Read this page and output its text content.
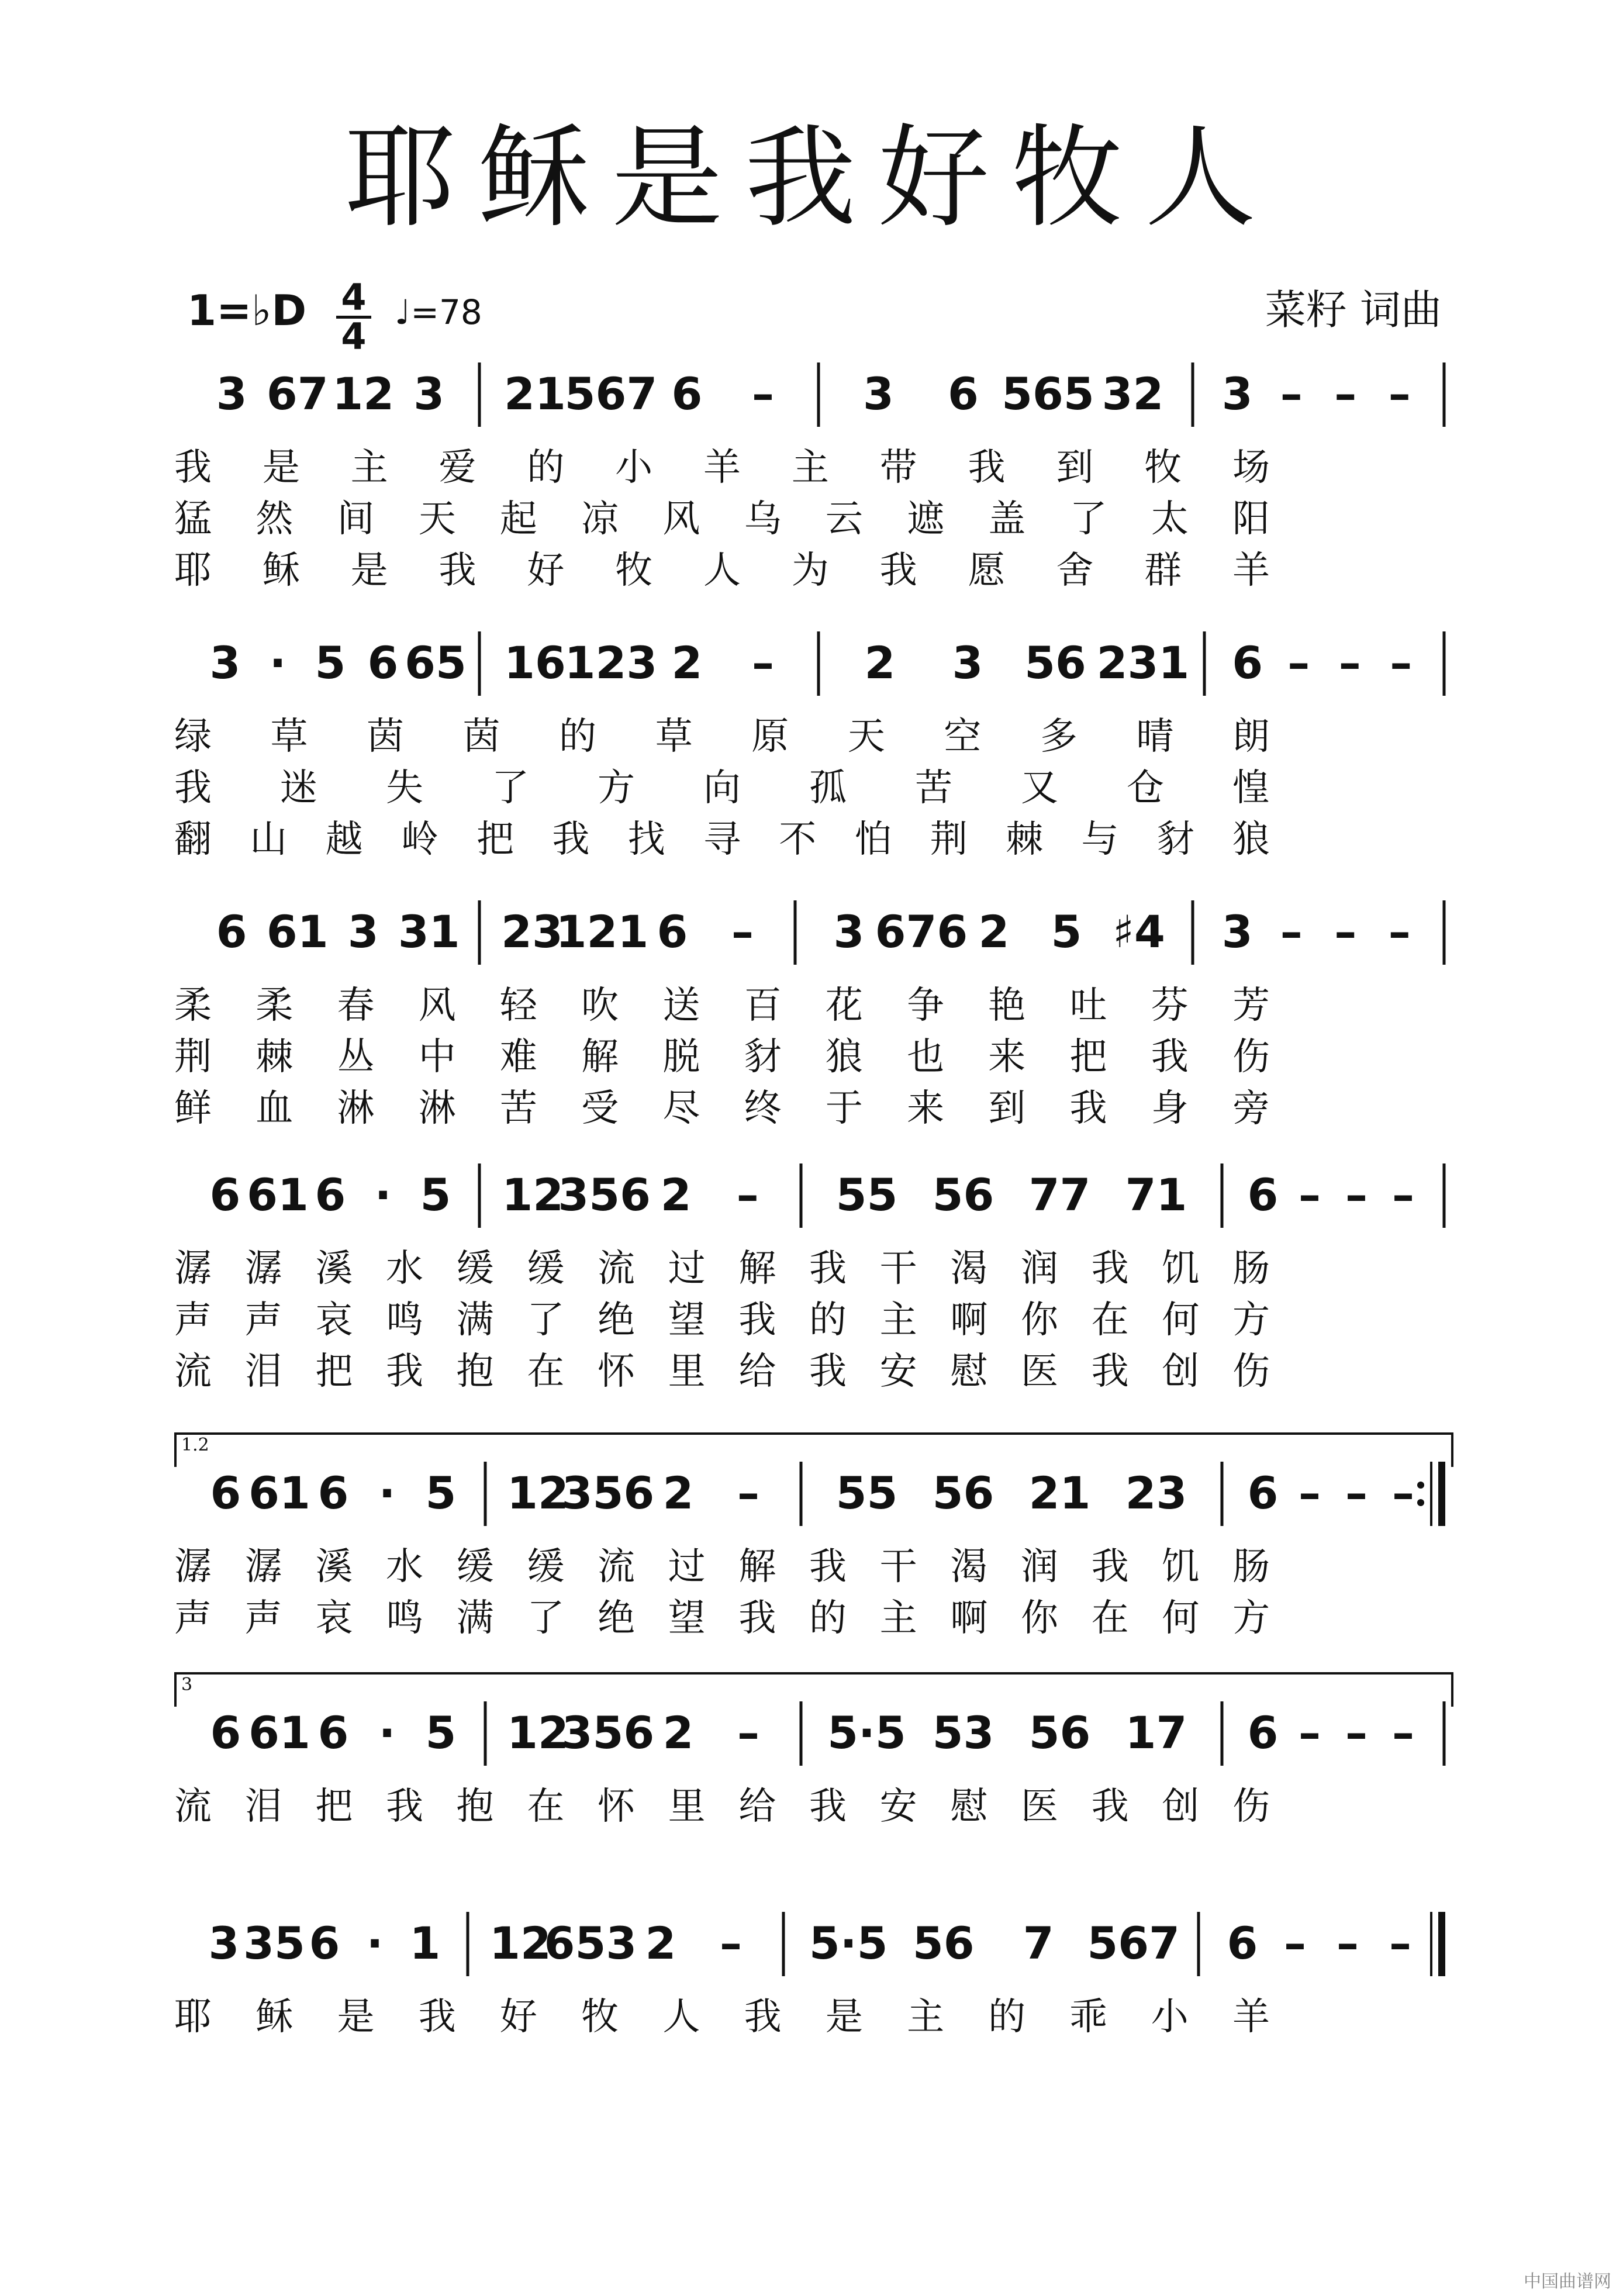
耶稣是我好牧人
1=♭D 4
4
♩=78	菜籽 词曲
3 67 12 3 21
567 6 – 3 6 565 32 3 – – –
我 是 主 爱 的 小 羊 主 带 我 到 牧 场
猛 然 间 天 起 凉 风 乌 云 遮 盖 了 太 阳
耶 稣 是 我 好 牧 人 为 我 愿 舍 群 羊
3 · 5 6 65 16
123 2 – 2 3 56 231 6 – – –
绿 草 茵 茵 的 草 原 天 空 多 晴 朗
我 迷 失 了 方 向 孤 苦 又 仓 惶
翻 山 越 岭 把 我 找 寻 不 怕 荆 棘 与 豺 狼
6 61 3 31 23
121 6 – 3 676 2 5 ♯4 3 – – –
柔 柔 春 风 轻 吹 送 百 花 争 艳 吐 芬 芳
荆 棘 丛 中 难 解 脱 豺 狼 也 来 把 我 伤
鲜 血 淋 淋 苦 受 尽 终 于 来 到 我 身 旁
6 61 6 · 5 12
356 2 – 55 56 77 71 6 – – –
潺 潺 溪 水 缓 缓 流 过 解 我 干 渴 润 我 饥 肠
声 声 哀 鸣 满 了 绝 望 我 的 主 啊 你 在 何 方
流 泪 把 我 抱 在 怀 里 给 我 安 慰 医 我 创 伤
1.2
6 61 6 · 5 12
356 2 – 55 56 21 23 6 – – –
潺 潺 溪 水 缓 缓 流 过 解 我 干 渴 润 我 饥 肠
声 声 哀 鸣 满 了 绝 望 我 的 主 啊 你 在 何 方
3
6 61 6 · 5 12
356 2 – 5·5 53 56 17 6 – – –
流 泪 把 我 抱 在 怀 里 给 我 安 慰 医 我 创 伤
3 35 6 · 1 12
653 2 – 5·5 56 7 567 6 – – –
耶 稣 是 我 好 牧 人 我 是 主 的 乖 小 羊
中国曲谱网
